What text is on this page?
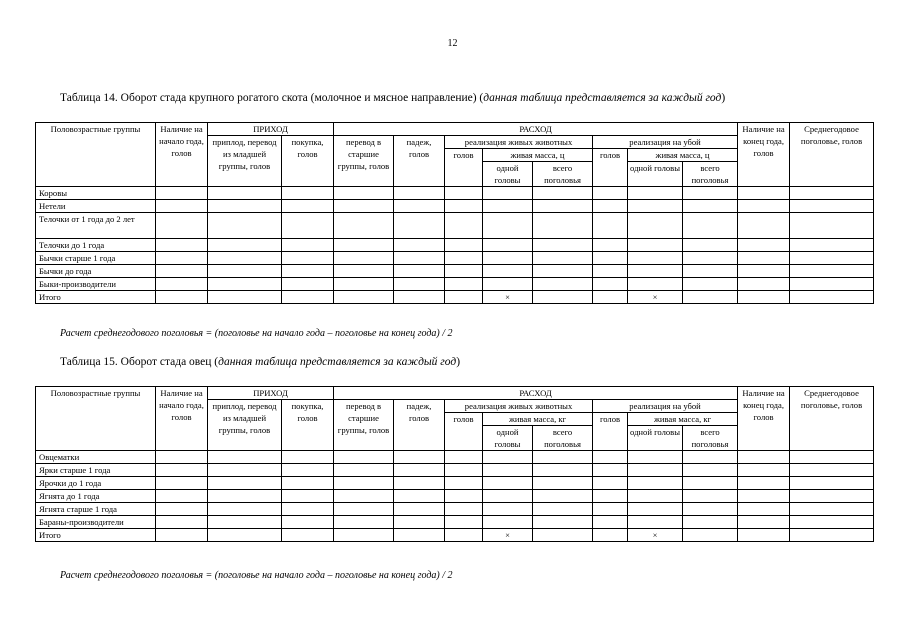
12
Таблица 14. Оборот стада крупного рогатого скота (молочное и мясное направление) (данная таблица представляется за каждый год)
Половозрастные группы	Наличие на начало года, голов	ПРИХОД		РАСХОД								Наличие на конец года, голов	Среднегодовое поголовье, голов
		приплод, перевод из младшей группы, голов	покупка, голов	перевод в старшие группы, голов	падеж, голов	реализация живых животных			реализация на убой				
						голов	живая масса, ц		голов	живая масса, ц			
							одной головы	всего поголовья		одной головы	всего поголовья		
Коровы													
Нетели													
Телочки от 1 года до 2 лет													
Телочки до 1 года													
Бычки старше 1 года													
Бычки до года													
Быки-производители													
Итого							×			×			
Расчет среднегодового поголовья = (поголовье на начало года – поголовье на конец года) / 2
Таблица 15. Оборот стада овец (данная таблица представляется за каждый год)
Половозрастные группы	Наличие на начало года, голов	ПРИХОД		РАСХОД								Наличие на конец года, голов	Среднегодовое поголовье, голов
		приплод, перевод из младшей группы, голов	покупка, голов	перевод в старшие группы, голов	падеж, голов	реализация живых животных			реализация на убой				
						голов	живая масса, кг		голов	живая масса, кг			
							одной головы	всего поголовья		одной головы	всего поголовья		
Овцематки													
Ярки старше 1 года													
Ярочки до 1 года													
Ягнята до 1 года													
Ягнята старше 1 года													
Бараны-производители													
Итого							×			×			
Расчет среднегодового поголовья = (поголовье на начало года – поголовье на конец года) / 2
